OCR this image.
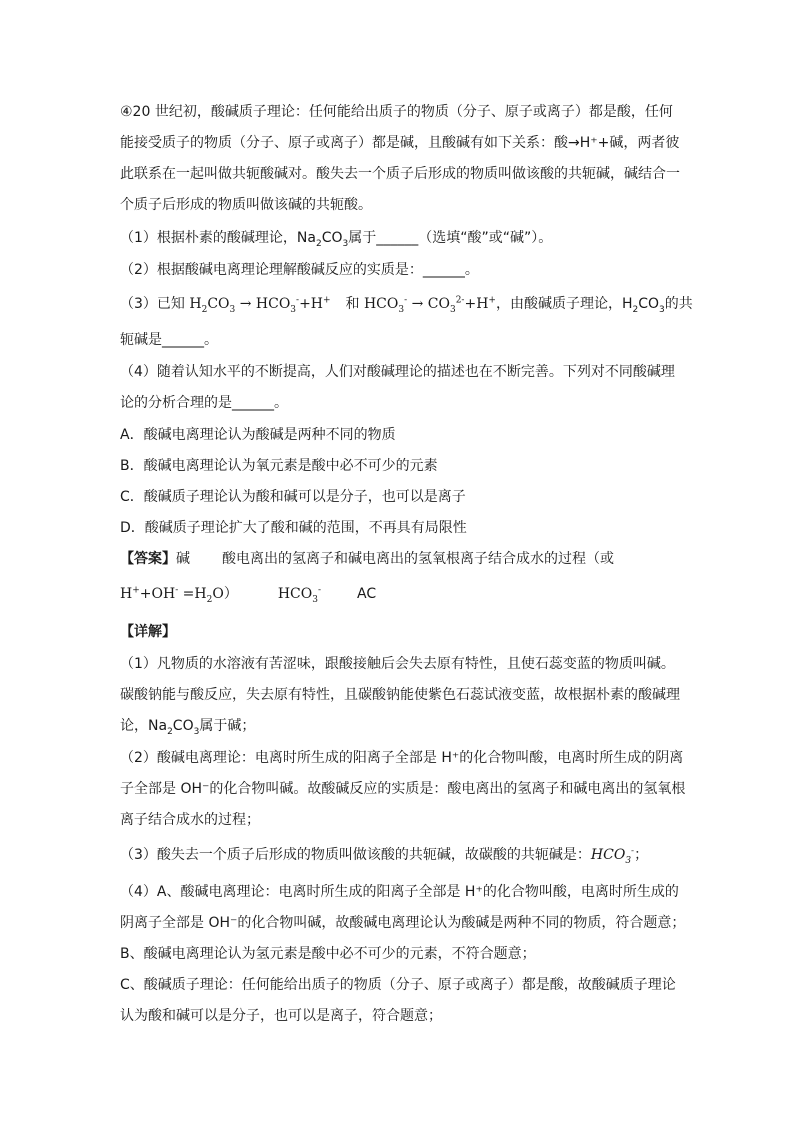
④20 世纪初，酸碱质子理论：任何能给出质子的物质（分子、原子或离子）都是酸，任何
能接受质子的物质（分子、原子或离子）都是碱，且酸碱有如下关系：酸→H⁺+碱，两者彼
此联系在一起叫做共轭酸碱对。酸失去一个质子后形成的物质叫做该酸的共轭碱，碱结合一
个质子后形成的物质叫做该碱的共轭酸。
（1）根据朴素的酸碱理论，$Na_2CO_3$属于______（选填“酸”或“碱”）。
（2）根据酸碱电离理论理解酸碱反应的实质是：______。
（3）已知 $H_2CO_3 \to HCO_3^-+H^+$ 和 $HCO_3^- \to CO_3^{2-}+H^+$，由酸碱质子理论，$H_2CO_3$的共
轭碱是______。
（4）随着认知水平的不断提高，人们对酸碱理论的描述也在不断完善。下列对不同酸碱理
论的分析合理的是______。
A．酸碱电离理论认为酸碱是两种不同的物质
B．酸碱电离理论认为氧元素是酸中必不可少的元素
C．酸碱质子理论认为酸和碱可以是分子，也可以是离子
D．酸碱质子理论扩大了酸和碱的范围，不再具有局限性
【答案】碱 酸电离出的氢离子和碱电离出的氢氧根离子结合成水的过程（或
$H^++OH^- =H_2O$）	$HCO_3^-$	AC
【详解】
（1）凡物质的水溶液有苦涩味，跟酸接触后会失去原有特性，且使石蕊变蓝的物质叫碱。
碳酸钠能与酸反应，失去原有特性，且碳酸钠能使紫色石蕊试液变蓝，故根据朴素的酸碱理
论，$Na_2CO_3$属于碱；
（2）酸碱电离理论：电离时所生成的阳离子全部是 H⁺的化合物叫酸，电离时所生成的阴离
子全部是 OH⁻的化合物叫碱。故酸碱反应的实质是：酸电离出的氢离子和碱电离出的氢氧根
离子结合成水的过程；
（3）酸失去一个质子后形成的物质叫做该酸的共轭碱，故碳酸的共轭碱是：$HCO_3^-$；
（4）A、酸碱电离理论：电离时所生成的阳离子全部是 H⁺的化合物叫酸，电离时所生成的
阴离子全部是 OH⁻的化合物叫碱，故酸碱电离理论认为酸碱是两种不同的物质，符合题意；
B、酸碱电离理论认为氢元素是酸中必不可少的元素，不符合题意；
C、酸碱质子理论：任何能给出质子的物质（分子、原子或离子）都是酸，故酸碱质子理论
认为酸和碱可以是分子，也可以是离子，符合题意；
